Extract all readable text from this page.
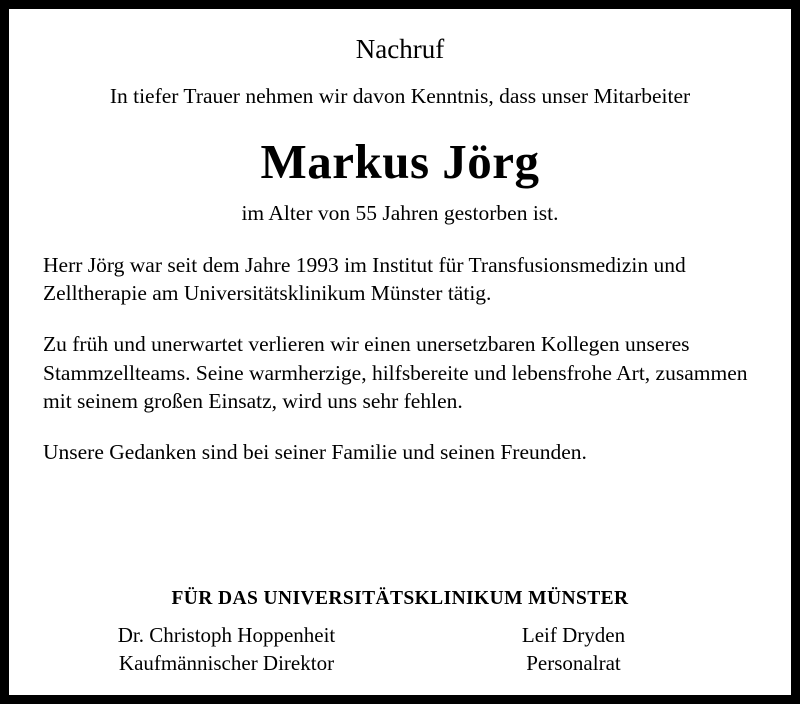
Nachruf
In tiefer Trauer nehmen wir davon Kenntnis, dass unser Mitarbeiter
Markus Jörg
im Alter von 55 Jahren gestorben ist.

Herr Jörg war seit dem Jahre 1993 im Institut für Transfusionsmedizin und Zelltherapie am Universitätsklinikum Münster tätig.

Zu früh und unerwartet verlieren wir einen unersetzbaren Kollegen unseres Stammzellteams. Seine warmherzige, hilfsbereite und lebensfrohe Art, zusammen mit seinem großen Einsatz, wird uns sehr fehlen.

Unsere Gedanken sind bei seiner Familie und seinen Freunden.

FÜR DAS UNIVERSITÄTSKLINIKUM MÜNSTER
Dr. Christoph Hoppenheit
Kaufmännischer Direktor
Leif Dryden
Personalrat
